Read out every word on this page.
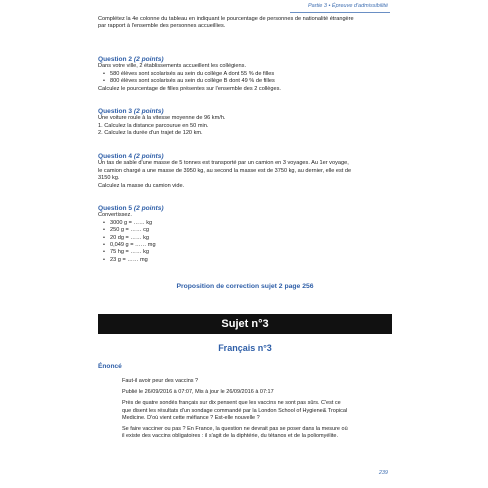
Partie 3 • Épreuve d'admissibilité
Complétez la 4e colonne du tableau en indiquant le pourcentage de personnes de nationalité étrangère
par rapport à l'ensemble des personnes accueillies.
Question 2 (2 points)
Dans votre ville, 2 établissements accueillent les collégiens.
• 580 élèves sont scolarisés au sein du collège A dont 55 % de filles
• 800 élèves sont scolarisés au sein du collège B dont 49 % de filles
Calculez le pourcentage de filles présentes sur l'ensemble des 2 collèges.
Question 3 (2 points)
Une voiture roule à la vitesse moyenne de 96 km/h.
1. Calculez la distance parcourue en 50 min.
2. Calculez la durée d'un trajet de 120 km.
Question 4 (2 points)
Un tas de sable d'une masse de 5 tonnes est transporté par un camion en 3 voyages. Au 1er voyage,
le camion chargé a une masse de 3950 kg, au second la masse est de 3750 kg, au dernier, elle est de
3150 kg.
Calculez la masse du camion vide.
Question 5 (2 points)
Convertissez.
• 3000 g = …… kg
• 250 g = …… cg
• 20 dg = …… kg
• 0,049 g = …… mg
• 75 hg = …… kg
• 23 g = …… mg
Proposition de correction sujet 2 page 256
Sujet n°3
Français n°3
Énoncé

Faut-il avoir peur des vaccins ?

Publié le 26/09/2016 à 07:07, Mis à jour le 26/09/2016 à 07:17

Près de quatre sondés français sur dix pensent que les vaccins ne sont pas sûrs. C'est ce
que disent les résultats d'un sondage commandé par la London School of Hygiene& Tropical
Medicine. D'où vient cette méfiance ? Est-elle nouvelle ?

Se faire vacciner ou pas ? En France, la question ne devrait pas se poser dans la mesure où
il existe des vaccins obligatoires : il s'agit de la diphtérie, du tétanos et de la poliomyélite.

239
